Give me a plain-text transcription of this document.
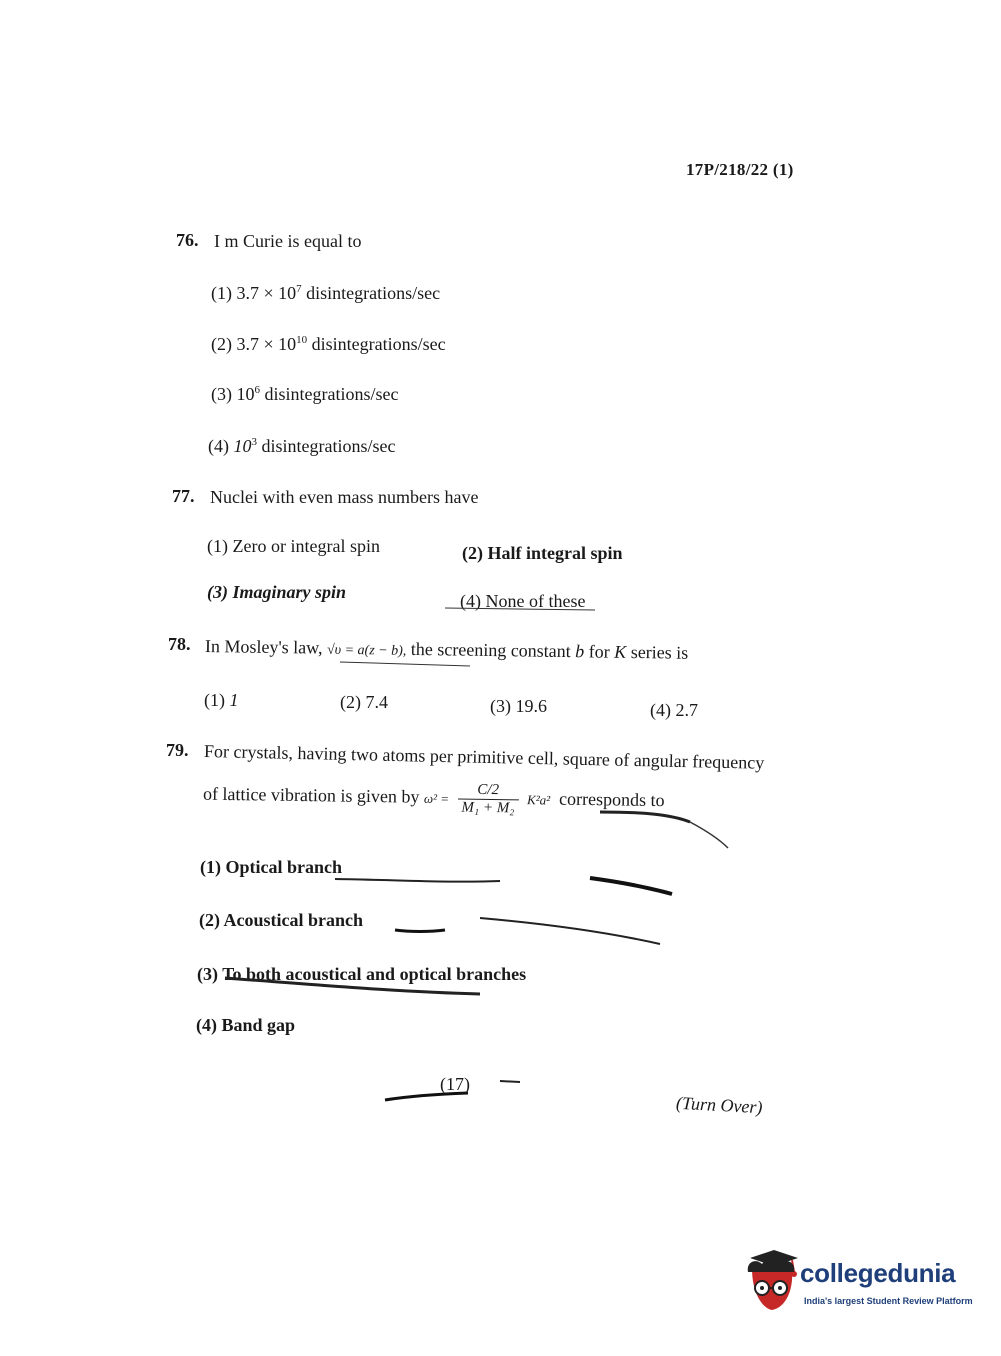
17P/218/22 (1)
76. I m Curie is equal to
(1) $3.7 \times 10^7$ disintegrations/sec
(2) $3.7 \times 10^{10}$ disintegrations/sec
(3) $10^6$ disintegrations/sec
(4) $10^3$ disintegrations/sec
77. Nuclei with even mass numbers have
(1) Zero or integral spin	(2) Half integral spin
(3) Imaginary spin	(4) None of these
78. In Mosley's law, √υ = a(z − b), the screening constant b for K series is
(1) 1	(2) 7.4	(3) 19.6	(4) 2.7
79. For crystals, having two atoms per primitive cell, square of angular frequency
of lattice vibration is given by $\omega^2 = \frac{C/2}{\text{M₁ + M₂}} K^2a^2$ corresponds to
(1) Optical branch
(2) Acoustical branch
(3) To both acoustical and optical branches
(4) Band gap
(17)
(Turn Over)
collegedunia
India's largest Student Review Platform
